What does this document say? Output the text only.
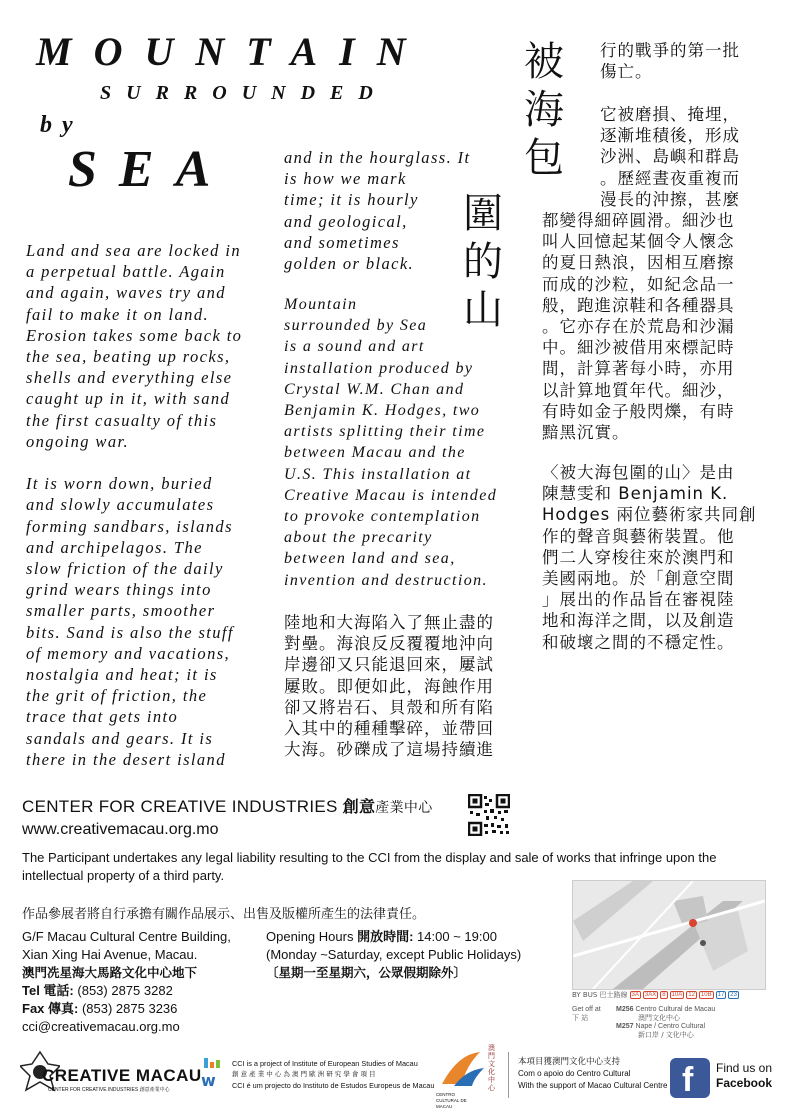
MOUNTAIN
SURROUNDED
by
SEA
被海包
圍的山
Land and sea are locked in
a perpetual battle. Again
and again, waves try and
fail to make it on land.
Erosion takes some back to
the sea, beating up rocks,
shells and everything else
caught up in it, with sand
the first casualty of this
ongoing war.

It is worn down, buried
and slowly accumulates
forming sandbars, islands
and archipelagos. The
slow friction of the daily
grind wears things into
smaller parts, smoother
bits. Sand is also the stuff
of memory and vacations,
nostalgia and heat; it is
the grit of friction, the
trace that gets into
sandals and gears. It is
there in the desert island
and in the hourglass. It
is how we mark
time; it is hourly
and geological,
and sometimes
golden or black.
Mountain
surrounded by Sea
is a sound and art
installation produced by
Crystal W.M. Chan and
Benjamin K. Hodges, two
artists splitting their time
between Macau and the
U.S. This installation at
Creative Macau is intended
to provoke contemplation
about the precarity
between land and sea,
invention and destruction.
陸地和大海陷入了無止盡的
對壘。海浪反反覆覆地沖向
岸邊卻又只能退回來，屢試
屢敗。即便如此，海蝕作用
卻又將岩石、貝殼和所有陷
入其中的種種擊碎，並帶回
大海。砂礫成了這場持續進
行的戰爭的第一批
傷亡。
它被磨損、掩埋，
逐漸堆積後，形成
沙洲、島嶼和群島
。歷經晝夜重複而
漫長的沖擦，甚麼
都變得細碎圓滑。細沙也
叫人回憶起某個令人懷念
的夏日熱浪，因相互磨擦
而成的沙粒，如紀念品一
般，跑進涼鞋和各種器具
。它亦存在於荒島和沙漏
中。細沙被借用來標記時
間，計算著每小時，亦用
以計算地質年代。細沙，
有時如金子般閃爍，有時
黯黑沉實。
〈被大海包圍的山〉是由
陳慧雯和 Benjamin K.
Hodges 兩位藝術家共同創
作的聲音與藝術裝置。他
們二人穿梭往來於澳門和
美國兩地。於「創意空間
」展出的作品旨在審視陸
地和海洋之間，以及創造
和破壞之間的不穩定性。
CENTER FOR CREATIVE INDUSTRIES 創意產業中心
www.creativemacau.org.mo
The Participant undertakes any legal liability resulting to the CCI from the display and sale of works that infringe upon the intellectual property of a third party.
作品參展者將自行承擔有關作品展示、出售及版權所產生的法律責任。
G/F Macau Cultural Centre Building,
Xian Xing Hai Avenue, Macau.
澳門冼星海大馬路文化中心地下
Tel 電話: (853) 2875 3282
Fax 傳真: (853) 2875 3236
cci@creativemacau.org.mo
Opening Hours 開放時間: 14:00 ~ 19:00
(Monday ~Saturday, except Public Holidays)
〔星期一至星期六，公眾假期除外〕
BY BUS 巴士路線 3A	3AX	8	10A	12	10B	17	23
Get off at
下 站
M256 Centro Cultural de Macau
澳門文化中心
M257 Nape / Centro Cultural
新口岸 / 文化中心
CREATIVE MACAU
CENTER FOR CREATIVE INDUSTRIES 創意產業中心 w
CCI is a project of Institute of European Studies of Macau
創 意 產 業 中 心 為 澳 門 歐 洲 研 究 學 會 項 目
CCI é um projecto do Instituto de Estudos Europeus de Macau
澳門文化中心
CENTRO CULTURAL DE MACAU
本項目獲澳門文化中心支持
Com o apoio do Centro Cultural
With the support of Macao Cultural Centre f Find us on
Facebook
